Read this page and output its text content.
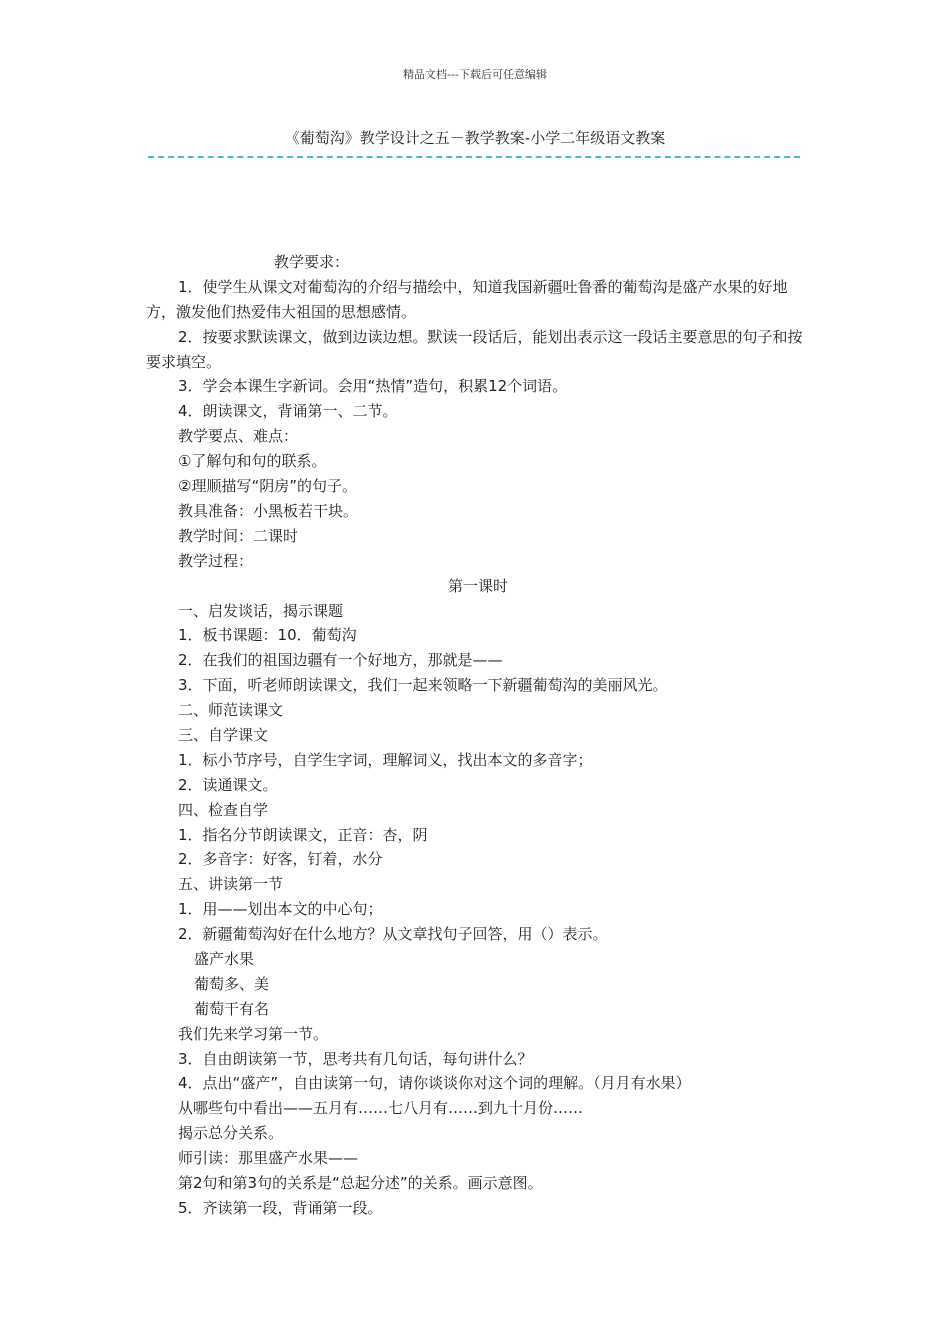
精品文档---下载后可任意编辑
《葡萄沟》教学设计之五－教学教案-小学二年级语文教案
教学要求：
1．使学生从课文对葡萄沟的介绍与描绘中，知道我国新疆吐鲁番的葡萄沟是盛产水果的好地方，激发他们热爱伟大祖国的思想感情。
2．按要求默读课文，做到边读边想。默读一段话后，能划出表示这一段话主要意思的句子和按要求填空。
3．学会本课生字新词。会用“热情”造句，积累12个词语。
4．朗读课文，背诵第一、二节。
教学要点、难点：
①了解句和句的联系。
②理顺描写“阴房”的句子。
教具准备：小黑板若干块。
教学时间：二课时
教学过程：
第一课时
一、启发谈话，揭示课题
1．板书课题：10．葡萄沟
2．在我们的祖国边疆有一个好地方，那就是——
3．下面，听老师朗读课文，我们一起来领略一下新疆葡萄沟的美丽风光。
二、师范读课文
三、自学课文
1．标小节序号，自学生字词，理解词义，找出本文的多音字；
2．读通课文。
四、检查自学
1．指名分节朗读课文，正音：杏，阴
2．多音字：好客，钉着，水分
五、讲读第一节
1．用——划出本文的中心句；
2．新疆葡萄沟好在什么地方？从文章找句子回答，用（）表示。
盛产水果
葡萄多、美
葡萄干有名
我们先来学习第一节。
3．自由朗读第一节，思考共有几句话，每句讲什么？
4．点出“盛产”，自由读第一句，请你谈谈你对这个词的理解。（月月有水果）
从哪些句中看出——五月有……七八月有……到九十月份……
揭示总分关系。
师引读：那里盛产水果——
第2句和第3句的关系是“总起分述”的关系。画示意图。
5．齐读第一段，背诵第一段。
